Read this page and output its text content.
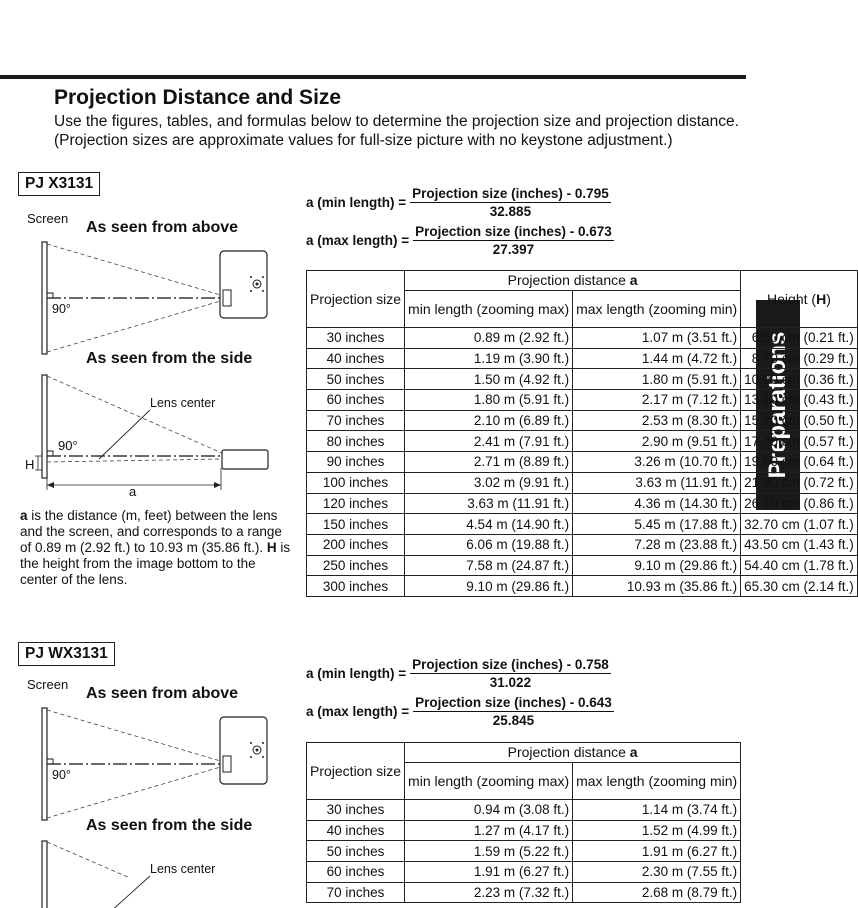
Projection Distance and Size
Use the figures, tables, and formulas below to determine the projection size and projection distance.
(Projection sizes are approximate values for full-size picture with no keystone adjustment.)
Preparations
PJ X3131
Screen
As seen from above
90°
As seen from the side
Lens center
90°
H
a
a is the distance (m, feet) between the lens and the screen, and corresponds to a range of 0.89 m (2.92 ft.) to 10.93 m (35.86 ft.). H is the height from the image bottom to the center of the lens.
a (min length) = $\frac{\text{Projection size (inches) - 0.795}}{32.885}$
a (max length) = $\frac{\text{Projection size (inches) - 0.673}}{27.397}$
Projection size	Projection distance a		Height (H)
	min length (zooming max)	max length (zooming min)	
30 inches	0.89 m (2.92 ft.)	1.07 m (3.51 ft.)	6.50 cm (0.21 ft.)
40 inches	1.19 m (3.90 ft.)	1.44 m (4.72 ft.)	8.70 cm (0.29 ft.)
50 inches	1.50 m (4.92 ft.)	1.80 m (5.91 ft.)	10.90 cm (0.36 ft.)
60 inches	1.80 m (5.91 ft.)	2.17 m (7.12 ft.)	13.10 cm (0.43 ft.)
70 inches	2.10 m (6.89 ft.)	2.53 m (8.30 ft.)	15.20 cm (0.50 ft.)
80 inches	2.41 m (7.91 ft.)	2.90 m (9.51 ft.)	17.40 cm (0.57 ft.)
90 inches	2.71 m (8.89 ft.)	3.26 m (10.70 ft.)	19.60 cm (0.64 ft.)
100 inches	3.02 m (9.91 ft.)	3.63 m (11.91 ft.)	21.80 cm (0.72 ft.)
120 inches	3.63 m (11.91 ft.)	4.36 m (14.30 ft.)	26.10 cm (0.86 ft.)
150 inches	4.54 m (14.90 ft.)	5.45 m (17.88 ft.)	32.70 cm (1.07 ft.)
200 inches	6.06 m (19.88 ft.)	7.28 m (23.88 ft.)	43.50 cm (1.43 ft.)
250 inches	7.58 m (24.87 ft.)	9.10 m (29.86 ft.)	54.40 cm (1.78 ft.)
300 inches	9.10 m (29.86 ft.)	10.93 m (35.86 ft.)	65.30 cm (2.14 ft.)
PJ WX3131
Screen
As seen from above
90°
As seen from the side
Lens center
a (min length) = $\frac{\text{Projection size (inches) - 0.758}}{31.022}$
a (max length) = $\frac{\text{Projection size (inches) - 0.643}}{25.845}$
Projection size	Projection distance a	
	min length (zooming max)	max length (zooming min)
30 inches	0.94 m (3.08 ft.)	1.14 m (3.74 ft.)
40 inches	1.27 m (4.17 ft.)	1.52 m (4.99 ft.)
50 inches	1.59 m (5.22 ft.)	1.91 m (6.27 ft.)
60 inches	1.91 m (6.27 ft.)	2.30 m (7.55 ft.)
70 inches	2.23 m (7.32 ft.)	2.68 m (8.79 ft.)
